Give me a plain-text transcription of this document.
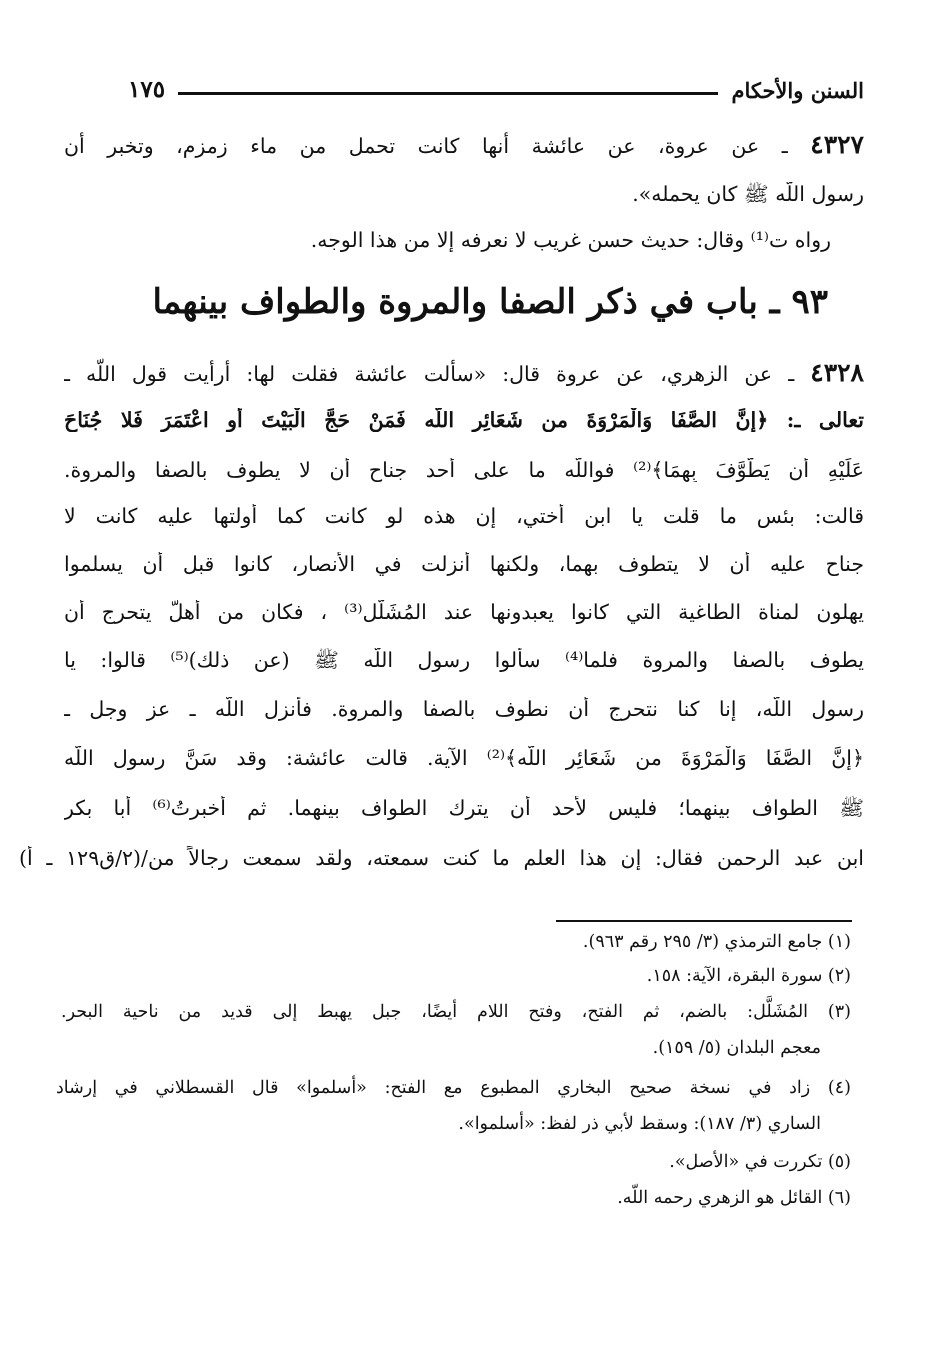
السنن والأحكام
١٧٥
٤٣٢٧ ـ عن عروة، عن عائشة أنها كانت تحمل من ماء زمزم، وتخبر أن
رسول اللّه ﷺ كان يحمله».
رواه ت⁽¹⁾ وقال: حديث حسن غريب لا نعرفه إلا من هذا الوجه.
٩٣ ـ باب في ذكر الصفا والمروة والطواف بينهما
٤٣٢٨ ـ عن الزهري، عن عروة قال: «سألت عائشة فقلت لها: أرأيت قول اللّه ـ
تعالى ـ: ﴿إنَّ الصَّفَا وَالْمَرْوَةَ من شَعَائِرِ اللّه فَمَنْ حَجَّ الْبَيْتَ أَوِ اعْتَمَرَ فَلا جُنَاحَ
عَلَيْهِ أَن يَطَّوَّفَ بِهِمَا﴾⁽²⁾ فواللّه ما على أحد جناح أن لا يطوف بالصفا والمروة.
قالت: بئس ما قلت يا ابن أختي، إن هذه لو كانت كما أولتها عليه كانت لا
جناح عليه أن لا يتطوف بهما، ولكنها أنزلت في الأنصار، كانوا قبل أن يسلموا
يهلون لمناة الطاغية التي كانوا يعبدونها عند المُشَلَّل⁽³⁾ ، فكان من أهلَّ يتحرج أن
يطوف بالصفا والمروة فلما⁽⁴⁾ سألوا رسول اللّه ﷺ (عن ذلك)⁽⁵⁾ قالوا: يا
رسول اللّه، إنا كنا نتحرج أن نطوف بالصفا والمروة. فأنزل اللّه ـ عز وجل ـ
﴿إنَّ الصَّفَا وَالْمَرْوَةَ من شَعَائِرِ اللّه﴾⁽²⁾ الآية. قالت عائشة: وقد سَنَّ رسول اللّه
ﷺ الطواف بينهما؛ فليس لأحد أن يترك الطواف بينهما. ثم أخبرتُ⁽⁶⁾ أبا بكر
ابن عبد الرحمن فقال: إن هذا العلم ما كنت سمعته، ولقد سمعت رجالاً من/(٢/ق١٢٩ ـ أ)
(١) جامع الترمذي (٣/ ٢٩٥ رقم ٩٦٣).
(٢) سورة البقرة، الآية: ١٥٨.
(٣) المُشَلَّل: بالضم، ثم الفتح، وفتح اللام أيضًا، جبل يهبط إلى قديد من ناحية البحر.
معجم البلدان (٥/ ١٥٩).
(٤) زاد في نسخة صحيح البخاري المطبوع مع الفتح: «أسلموا» قال القسطلاني في إرشاد
الساري (٣/ ١٨٧): وسقط لأبي ذر لفظ: «أسلموا».
(٥) تكررت في «الأصل».
(٦) القائل هو الزهري رحمه اللّه.
